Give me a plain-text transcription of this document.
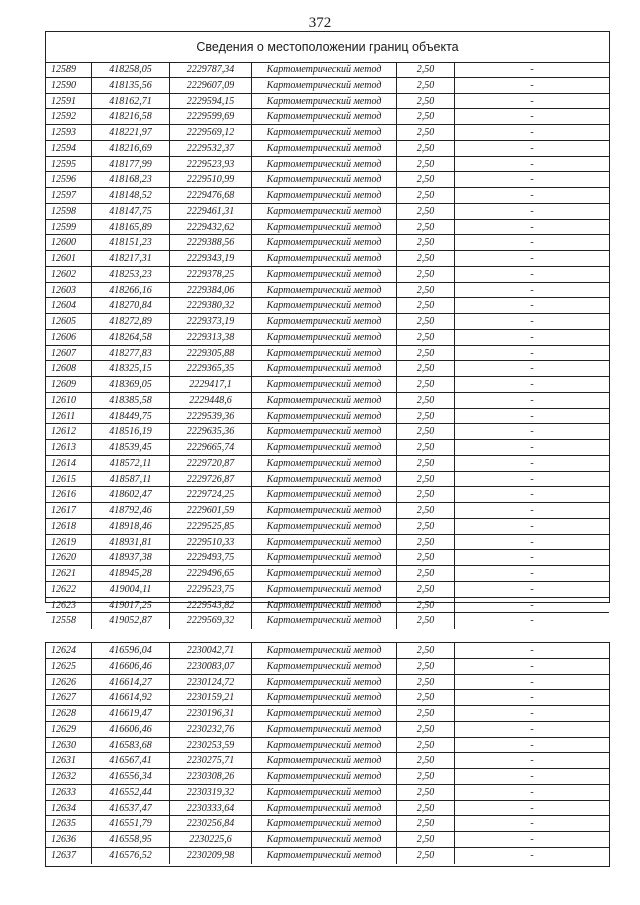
372
Сведения о местоположении границ объекта
12589	418258,05	2229787,34	Картометрический метод	2,50	-
12590	418135,56	2229607,09	Картометрический метод	2,50	-
12591	418162,71	2229594,15	Картометрический метод	2,50	-
12592	418216,58	2229599,69	Картометрический метод	2,50	-
12593	418221,97	2229569,12	Картометрический метод	2,50	-
12594	418216,69	2229532,37	Картометрический метод	2,50	-
12595	418177,99	2229523,93	Картометрический метод	2,50	-
12596	418168,23	2229510,99	Картометрический метод	2,50	-
12597	418148,52	2229476,68	Картометрический метод	2,50	-
12598	418147,75	2229461,31	Картометрический метод	2,50	-
12599	418165,89	2229432,62	Картометрический метод	2,50	-
12600	418151,23	2229388,56	Картометрический метод	2,50	-
12601	418217,31	2229343,19	Картометрический метод	2,50	-
12602	418253,23	2229378,25	Картометрический метод	2,50	-
12603	418266,16	2229384,06	Картометрический метод	2,50	-
12604	418270,84	2229380,32	Картометрический метод	2,50	-
12605	418272,89	2229373,19	Картометрический метод	2,50	-
12606	418264,58	2229313,38	Картометрический метод	2,50	-
12607	418277,83	2229305,88	Картометрический метод	2,50	-
12608	418325,15	2229365,35	Картометрический метод	2,50	-
12609	418369,05	2229417,1	Картометрический метод	2,50	-
12610	418385,58	2229448,6	Картометрический метод	2,50	-
12611	418449,75	2229539,36	Картометрический метод	2,50	-
12612	418516,19	2229635,36	Картометрический метод	2,50	-
12613	418539,45	2229665,74	Картометрический метод	2,50	-
12614	418572,11	2229720,87	Картометрический метод	2,50	-
12615	418587,11	2229726,87	Картометрический метод	2,50	-
12616	418602,47	2229724,25	Картометрический метод	2,50	-
12617	418792,46	2229601,59	Картометрический метод	2,50	-
12618	418918,46	2229525,85	Картометрический метод	2,50	-
12619	418931,81	2229510,33	Картометрический метод	2,50	-
12620	418937,38	2229493,75	Картометрический метод	2,50	-
12621	418945,28	2229496,65	Картометрический метод	2,50	-
12622	419004,11	2229523,75	Картометрический метод	2,50	-
12623	419017,25	2229543,82	Картометрический метод	2,50	-
12558	419052,87	2229569,32	Картометрический метод	2,50	-
12624	416596,04	2230042,71	Картометрический метод	2,50	-
12625	416606,46	2230083,07	Картометрический метод	2,50	-
12626	416614,27	2230124,72	Картометрический метод	2,50	-
12627	416614,92	2230159,21	Картометрический метод	2,50	-
12628	416619,47	2230196,31	Картометрический метод	2,50	-
12629	416606,46	2230232,76	Картометрический метод	2,50	-
12630	416583,68	2230253,59	Картометрический метод	2,50	-
12631	416567,41	2230275,71	Картометрический метод	2,50	-
12632	416556,34	2230308,26	Картометрический метод	2,50	-
12633	416552,44	2230319,32	Картометрический метод	2,50	-
12634	416537,47	2230333,64	Картометрический метод	2,50	-
12635	416551,79	2230256,84	Картометрический метод	2,50	-
12636	416558,95	2230225,6	Картометрический метод	2,50	-
12637	416576,52	2230209,98	Картометрический метод	2,50	-
